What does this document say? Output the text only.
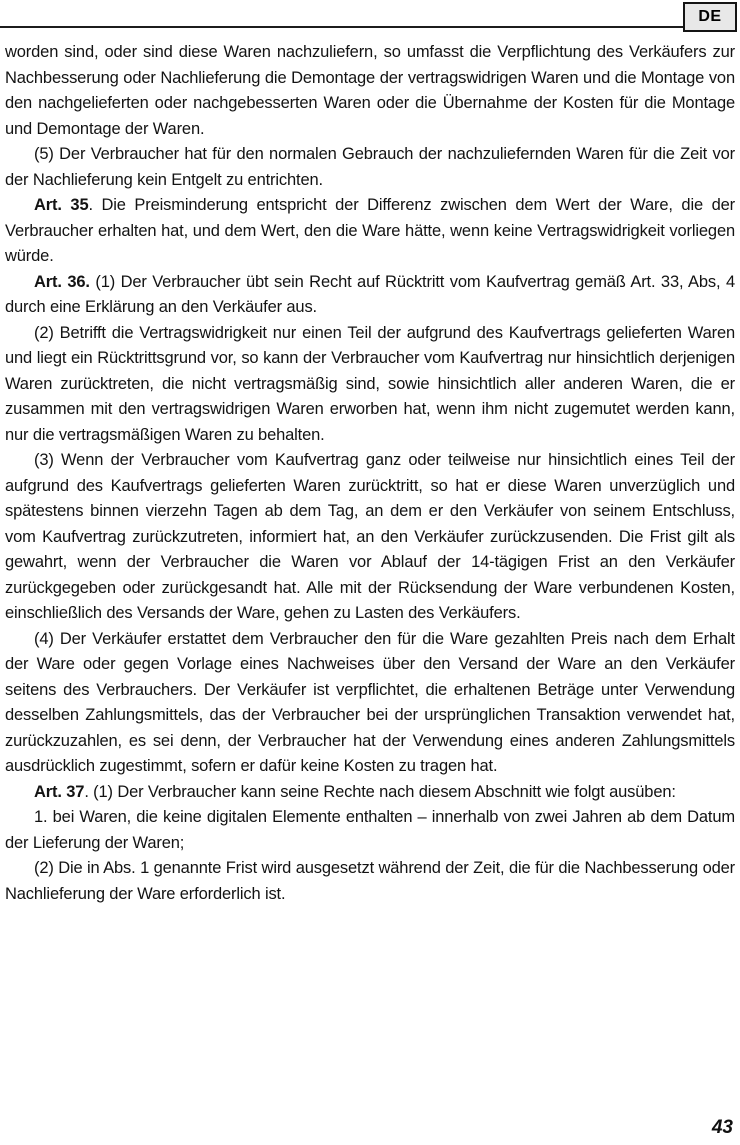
DE

worden sind, oder sind diese Waren nachzuliefern, so umfasst die Verpflichtung des Verkäufers zur Nachbesserung oder Nachlieferung die Demontage der vertragswidrigen Waren und die Montage von den nachgelieferten oder nachgebesserten Waren oder die Übernahme der Kosten für die Montage und Demontage der Waren.

(5) Der Verbraucher hat für den normalen Gebrauch der nachzuliefernden Waren für die Zeit vor der Nachlieferung kein Entgelt zu entrichten.

Art. 35. Die Preisminderung entspricht der Differenz zwischen dem Wert der Ware, die der Verbraucher erhalten hat, und dem Wert, den die Ware hätte, wenn keine Vertragswidrigkeit vorliegen würde.

Art. 36. (1) Der Verbraucher übt sein Recht auf Rücktritt vom Kaufvertrag gemäß Art. 33, Abs, 4 durch eine Erklärung an den Verkäufer aus.

(2) Betrifft die Vertragswidrigkeit nur einen Teil der aufgrund des Kaufvertrags gelieferten Waren und liegt ein Rücktrittsgrund vor, so kann der Verbraucher vom Kaufvertrag nur hinsichtlich derjenigen Waren zurücktreten, die nicht vertragsmäßig sind, sowie hinsichtlich aller anderen Waren, die er zusammen mit den vertragswidrigen Waren erworben hat, wenn ihm nicht zugemutet werden kann, nur die vertragsmäßigen Waren zu behalten.

(3) Wenn der Verbraucher vom Kaufvertrag ganz oder teilweise nur hinsichtlich eines Teil der aufgrund des Kaufvertrags gelieferten Waren zurücktritt, so hat er diese Waren unverzüglich und spätestens binnen vierzehn Tagen ab dem Tag, an dem er den Verkäufer von seinem Entschluss, vom Kaufvertrag zurückzutreten, informiert hat, an den Verkäufer zurückzusenden. Die Frist gilt als gewahrt, wenn der Verbraucher die Waren vor Ablauf der 14-tägigen Frist an den Verkäufer zurückgegeben oder zurückgesandt hat. Alle mit der Rücksendung der Ware verbundenen Kosten, einschließlich des Versands der Ware, gehen zu Lasten des Verkäufers.

(4) Der Verkäufer erstattet dem Verbraucher den für die Ware gezahlten Preis nach dem Erhalt der Ware oder gegen Vorlage eines Nachweises über den Versand der Ware an den Verkäufer seitens des Verbrauchers. Der Verkäufer ist verpflichtet, die erhaltenen Beträge unter Verwendung desselben Zahlungsmittels, das der Verbraucher bei der ursprünglichen Transaktion verwendet hat, zurückzuzahlen, es sei denn, der Verbraucher hat der Verwendung eines anderen Zahlungsmittels ausdrücklich zugestimmt, sofern er dafür keine Kosten zu tragen hat.

Art. 37. (1) Der Verbraucher kann seine Rechte nach diesem Abschnitt wie folgt ausüben:

1. bei Waren, die keine digitalen Elemente enthalten – innerhalb von zwei Jahren ab dem Datum der Lieferung der Waren;

(2) Die in Abs. 1 genannte Frist wird ausgesetzt während der Zeit, die für die Nachbesserung oder Nachlieferung der Ware erforderlich ist.

43
